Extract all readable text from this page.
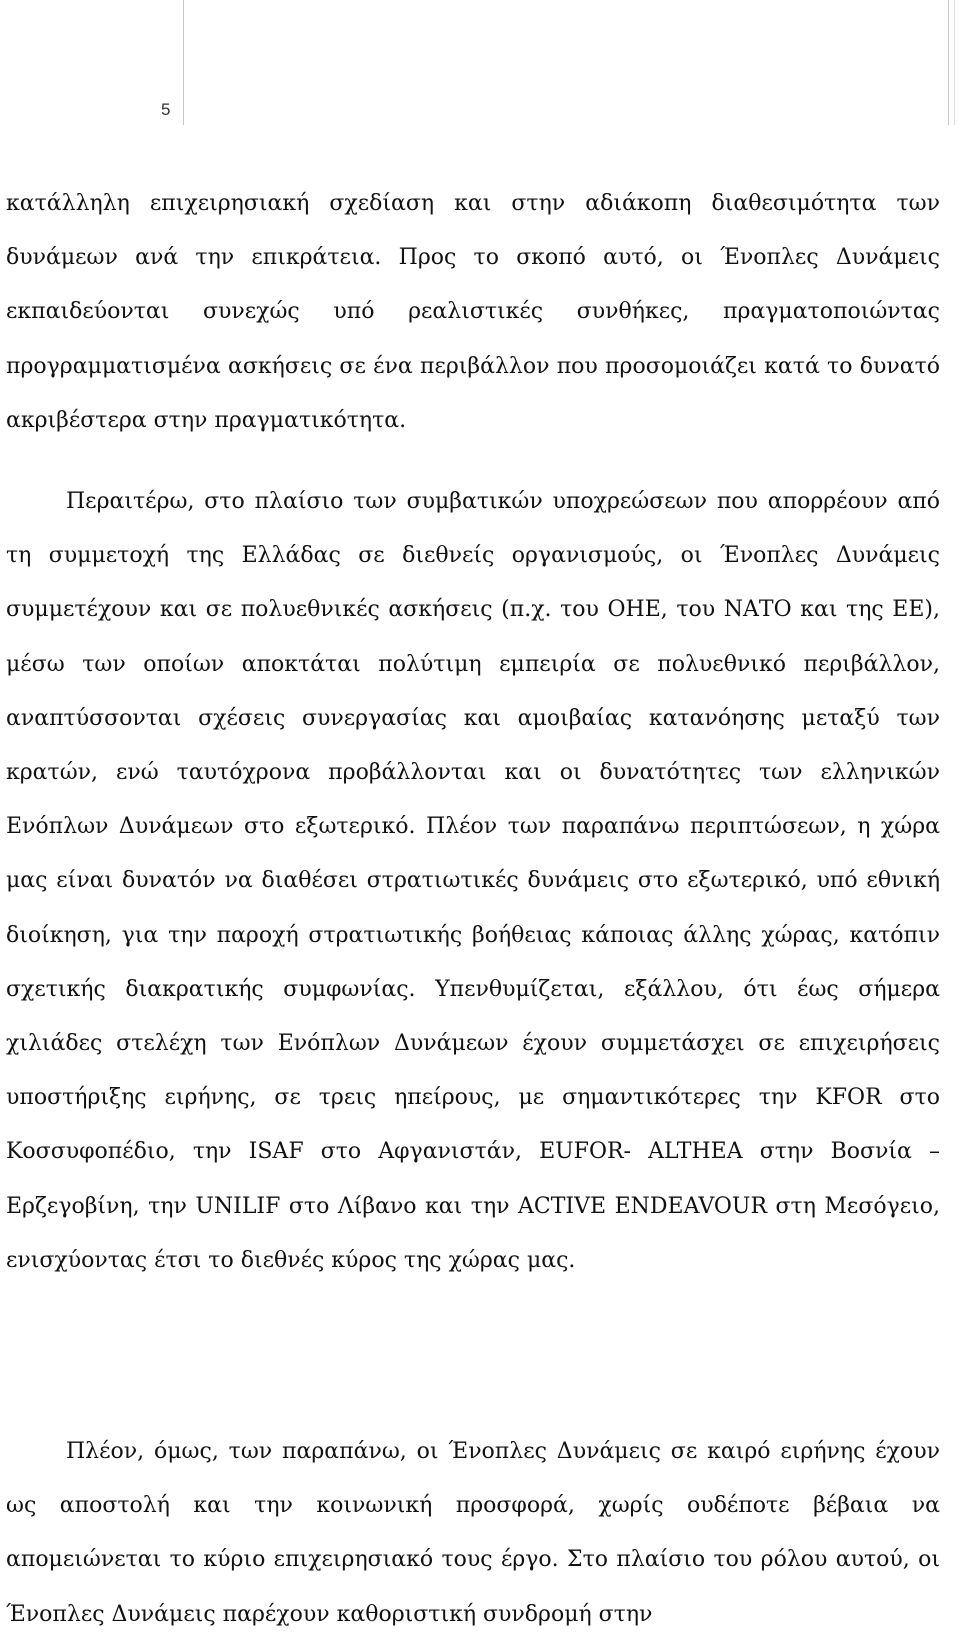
5

κατάλληλη επιχειρησιακή σχεδίαση και στην αδιάκοπη διαθεσιμότητα των δυνάμεων ανά την επικράτεια. Προς το σκοπό αυτό, οι Ένοπλες Δυνάμεις εκπαιδεύονται συνεχώς υπό ρεαλιστικές συνθήκες, πραγματοποιώντας προγραμματισμένα ασκήσεις σε ένα περιβάλλον που προσομοιάζει κατά το δυνατό ακριβέστερα στην πραγματικότητα.

Περαιτέρω, στο πλαίσιο των συμβατικών υποχρεώσεων που απορρέουν από τη συμμετοχή της Ελλάδας σε διεθνείς οργανισμούς, οι Ένοπλες Δυνάμεις συμμετέχουν και σε πολυεθνικές ασκήσεις (π.χ. του ΟΗΕ, του ΝΑΤΟ και της ΕΕ), μέσω των οποίων αποκτάται πολύτιμη εμπειρία σε πολυεθνικό περιβάλλον, αναπτύσσονται σχέσεις συνεργασίας και αμοιβαίας κατανόησης μεταξύ των κρατών, ενώ ταυτόχρονα προβάλλονται και οι δυνατότητες των ελληνικών Ενόπλων Δυνάμεων στο εξωτερικό. Πλέον των παραπάνω περιπτώσεων, η χώρα μας είναι δυνατόν να διαθέσει στρατιωτικές δυνάμεις στο εξωτερικό, υπό εθνική διοίκηση, για την παροχή στρατιωτικής βοήθειας κάποιας άλλης χώρας, κατόπιν σχετικής διακρατικής συμφωνίας. Υπενθυμίζεται, εξάλλου, ότι έως σήμερα χιλιάδες στελέχη των Ενόπλων Δυνάμεων έχουν συμμετάσχει σε επιχειρήσεις υποστήριξης ειρήνης, σε τρεις ηπείρους, με σημαντικότερες την KFOR στο Κοσσυφοπέδιο, την ISAF στο Αφγανιστάν, EUFOR- ALTHEA στην Βοσνία – Ερζεγοβίνη, την UNILIF στο Λίβανο και την ACTIVE ENDEAVOUR στη Μεσόγειο, ενισχύοντας έτσι το διεθνές κύρος της χώρας μας.

Πλέον, όμως, των παραπάνω, οι Ένοπλες Δυνάμεις σε καιρό ειρήνης έχουν ως αποστολή και την κοινωνική προσφορά, χωρίς ουδέποτε βέβαια να απομειώνεται το κύριο επιχειρησιακό τους έργο. Στο πλαίσιο του ρόλου αυτού, οι Ένοπλες Δυνάμεις παρέχουν καθοριστική συνδρομή στην
